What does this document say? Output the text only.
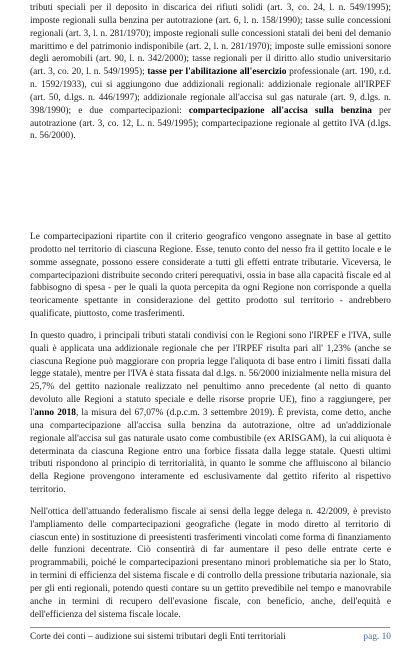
tributi speciali per il deposito in discarica dei rifiuti solidi (art. 3, co. 24, l. n. 549/1995); imposte regionali sulla benzina per autotrazione (art. 6, l. n. 158/1990); tasse sulle concessioni regionali (art. 3, l. n. 281/1970); imposte regionali sulle concessioni statali dei beni del demanio marittimo e del patrimonio indisponibile (art. 2, l. n. 281/1970); imposte sulle emissioni sonore degli aeromobili (art. 90, l. n. 342/2000); tasse regionali per il diritto allo studio universitario (art. 3, co. 20, l. n. 549/1995); tasse per l'abilitazione all'esercizio professionale (art. 190, r.d. n. 1592/1933), cui si aggiungono due addizionali regionali: addizionale regionale all'IRPEF (art. 50, d.lgs. n. 446/1997); addizionale regionale all'accisa sul gas naturale (art. 9, d.lgs. n. 398/1990); e due compartecipazioni: compartecipazione all'accisa sulla benzina per autotrazione (art. 3, co. 12, L. n. 549/1995); compartecipazione regionale al gettito IVA (d.lgs. n. 56/2000).

Le compartecipazioni ripartite con il criterio geografico vengono assegnate in base al gettito prodotto nel territorio di ciascuna Regione. Esse, tenuto conto del nesso fra il gettito locale e le somme assegnate, possono essere considerate a tutti gli effetti entrate tributarie. Viceversa, le compartecipazioni distribuite secondo criteri perequativi, ossia in base alla capacità fiscale ed al fabbisogno di spesa - per le quali la quota percepita da ogni Regione non corrisponde a quella teoricamente spettante in considerazione del gettito prodotto sul territorio - andrebbero qualificate, piuttosto, come trasferimenti.

In questo quadro, i principali tributi statali condivisi con le Regioni sono l'IRPEF e l'IVA, sulle quali è applicata una addizionale regionale che per l'IRPEF risulta pari all' 1,23% (anche se ciascuna Regione può maggiorare con propria legge l'aliquota di base entro i limiti fissati dalla legge statale), mentre per l'IVA è stata fissata dal d.lgs. n. 56/2000 inizialmente nella misura del 25,7% del gettito nazionale realizzato nel penultimo anno precedente (al netto di quanto devoluto alle Regioni a statuto speciale e delle risorse proprie UE), fino a raggiungere, per l'anno 2018, la misura del 67,07% (d.p.c.m. 3 settembre 2019). È prevista, come detto, anche una compartecipazione all'accisa sulla benzina da autotrazione, oltre ad un'addizionale regionale all'accisa sul gas naturale usato come combustibile (ex ARISGAM), la cui aliquota è determinata da ciascuna Regione entro una forbice fissata dalla legge statale. Questi ultimi tributi rispondono al principio di territorialità, in quanto le somme che affluiscono al bilancio della Regione provengono interamente ed esclusivamente dal gettito riferito al rispettivo territorio.

Nell'ottica dell'attuando federalismo fiscale ai sensi della legge delega n. 42/2009, è previsto l'ampliamento delle compartecipazioni geografiche (legate in modo diretto al territorio di ciascun ente) in sostituzione di preesistenti trasferimenti vincolati come forma di finanziamento delle funzioni decentrate. Ciò consentirà di far aumentare il peso delle entrate certe e programmabili, poiché le compartecipazioni presentano minori problematiche sia per lo Stato, in termini di efficienza del sistema fiscale e di controllo della pressione tributaria nazionale, sia per gli enti regionali, potendo questi contare su un gettito prevedibile nel tempo e manovrabile anche in termini di recupero dell'evasione fiscale, con beneficio, anche, dell'equità e dell'efficienza del sistema fiscale locale.

Corte dei conti – audizione sui sistemi tributari degli Enti territoriali	pag. 10
